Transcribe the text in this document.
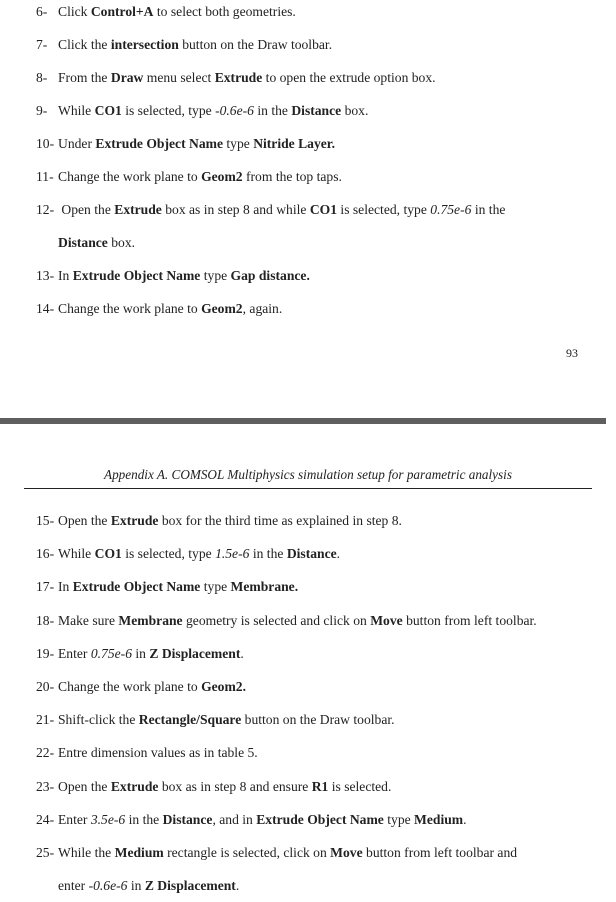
6- Click Control+A to select both geometries.
7- Click the intersection button on the Draw toolbar.
8- From the Draw menu select Extrude to open the extrude option box.
9- While CO1 is selected, type -0.6e-6 in the Distance box.
10- Under Extrude Object Name type Nitride Layer.
11- Change the work plane to Geom2 from the top taps.
12- Open the Extrude box as in step 8 and while CO1 is selected, type 0.75e-6 in the
Distance box.
13- In Extrude Object Name type Gap distance.
14- Change the work plane to Geom2, again.
93
Appendix A. COMSOL Multiphysics simulation setup for parametric analysis
15- Open the Extrude box for the third time as explained in step 8.
16- While CO1 is selected, type 1.5e-6 in the Distance.
17- In Extrude Object Name type Membrane.
18- Make sure Membrane geometry is selected and click on Move button from left toolbar.
19- Enter 0.75e-6 in Z Displacement.
20- Change the work plane to Geom2.
21- Shift-click the Rectangle/Square button on the Draw toolbar.
22- Entre dimension values as in table 5.
23- Open the Extrude box as in step 8 and ensure R1 is selected.
24- Enter 3.5e-6 in the Distance, and in Extrude Object Name type Medium.
25- While the Medium rectangle is selected, click on Move button from left toolbar and
enter -0.6e-6 in Z Displacement.
